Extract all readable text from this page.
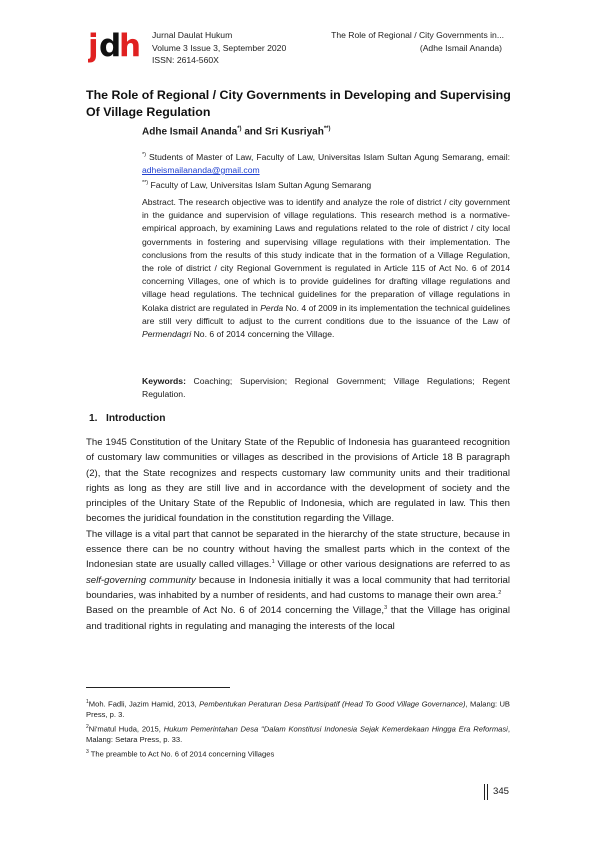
j d h Jurnal Daulat Hukum
Volume 3 Issue 3, September 2020
ISSN: 2614-560X
The Role of Regional / City Governments in...
(Adhe Ismail Ananda)
The Role of Regional / City Governments in Developing and Supervising Of Village Regulation
Adhe Ismail Ananda*) and Sri Kusriyah**)
*) Students of Master of Law, Faculty of Law, Universitas Islam Sultan Agung Semarang, email: adheismailananda@gmail.com
**) Faculty of Law, Universitas Islam Sultan Agung Semarang
Abstract. The research objective was to identify and analyze the role of district / city government in the guidance and supervision of village regulations. This research method is a normative-empirical approach, by examining Laws and regulations related to the role of district / city local governments in fostering and supervising village regulations with their implementation. The conclusions from the results of this study indicate that in the formation of a Village Regulation, the role of district / city Regional Government is regulated in Article 115 of Act No. 6 of 2014 concerning Villages, one of which is to provide guidelines for drafting village regulations and village head regulations. The technical guidelines for the preparation of village regulations in Kolaka district are regulated in Perda No. 4 of 2009 in its implementation the technical guidelines are still very difficult to adjust to the current conditions due to the issuance of the Law of Permendagri No. 6 of 2014 concerning the Village.
Keywords: Coaching; Supervision; Regional Government; Village Regulations; Regent Regulation.
1. Introduction

The 1945 Constitution of the Unitary State of the Republic of Indonesia has guaranteed recognition of customary law communities or villages as described in the provisions of Article 18 B paragraph (2), that the State recognizes and respects customary law community units and their traditional rights as long as they are still live and in accordance with the development of society and the principles of the Unitary State of the Republic of Indonesia, which are regulated in law. This then becomes the juridical foundation in the constitution regarding the Village.

The village is a vital part that cannot be separated in the hierarchy of the state structure, because in essence there can be no country without having the smallest parts which in the context of the Indonesian state are usually called villages.$^1$ Village or other various designations are referred to as self-governing community because in Indonesia initially it was a local community that had territorial boundaries, was inhabited by a number of residents, and had customs to manage their own area.$^2$

Based on the preamble of Act No. 6 of 2014 concerning the Village,$^3$ that the Village has original and traditional rights in regulating and managing the interests of the local

$^1$Moh. Fadli, Jazim Hamid, 2013, Pembentukan Peraturan Desa Partisipatif (Head To Good Village Governance), Malang: UB Press, p. 3.

$^2$Ni'matul Huda, 2015, Hukum Pemerintahan Desa "Dalam Konstitusi Indonesia Sejak Kemerdekaan Hingga Era Reformasi, Malang: Setara Press, p. 33.

$^3$ The preamble to Act No. 6 of 2014 concerning Villages

345
